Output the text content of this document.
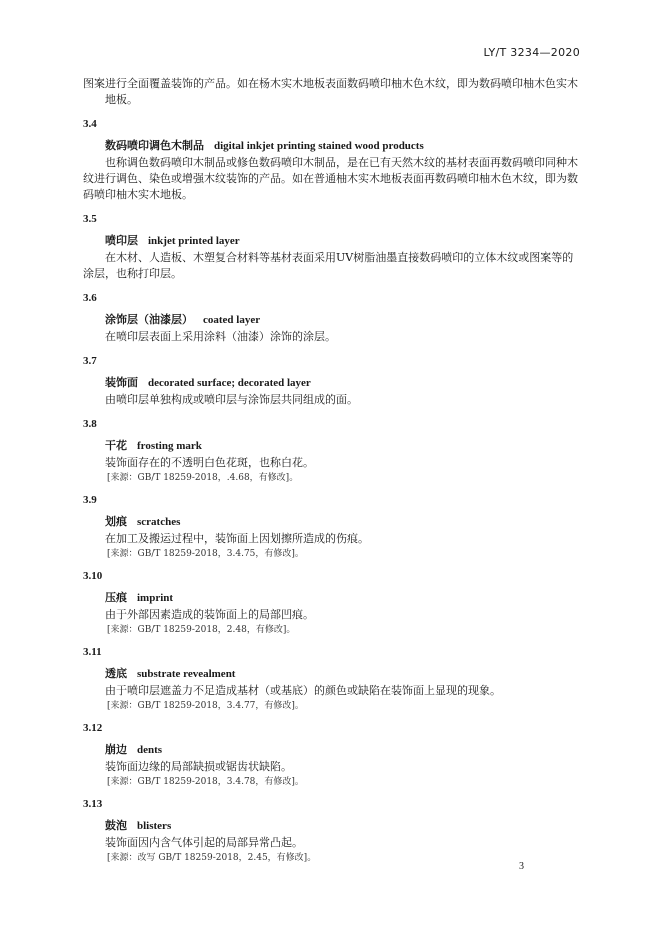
LY/T 3234—2020

图案进行全面覆盖装饰的产品。如在杨木实木地板表面数码喷印柚木色木纹，即为数码喷印柚木色实木地板。

3.4
数码喷印调色木制品 digital inkjet printing stained wood products

也称调色数码喷印木制品或修色数码喷印木制品，是在已有天然木纹的基材表面再数码喷印同种木纹进行调色、染色或增强木纹装饰的产品。如在普通柚木实木地板表面再数码喷印柚木色木纹，即为数码喷印柚木实木地板。

3.5
喷印层 inkjet printed layer

在木材、人造板、木塑复合材料等基材表面采用UV树脂油墨直接数码喷印的立体木纹或图案等的涂层，也称打印层。

3.6
涂饰层（油漆层） coated layer

在喷印层表面上采用涂料（油漆）涂饰的涂层。

3.7
装饰面 decorated surface; decorated layer

由喷印层单独构成或喷印层与涂饰层共同组成的面。

3.8
干花 frosting mark

装饰面存在的不透明白色花斑，也称白花。

[来源：GB/T 18259-2018，.4.68，有修改]。

3.9
划痕 scratches

在加工及搬运过程中，装饰面上因划擦所造成的伤痕。

[来源：GB/T 18259-2018，3.4.75，有修改]。

3.10
压痕 imprint

由于外部因素造成的装饰面上的局部凹痕。

[来源：GB/T 18259-2018，2.48，有修改]。

3.11
透底 substrate revealment

由于喷印层遮盖力不足造成基材（或基底）的颜色或缺陷在装饰面上显现的现象。

[来源：GB/T 18259-2018，3.4.77，有修改]。

3.12
崩边 dents

装饰面边缘的局部缺损或锯齿状缺陷。

[来源：GB/T 18259-2018，3.4.78，有修改]。

3.13
鼓泡 blisters

装饰面因内含气体引起的局部异常凸起。

[来源：改写 GB/T 18259-2018，2.45，有修改]。

3
